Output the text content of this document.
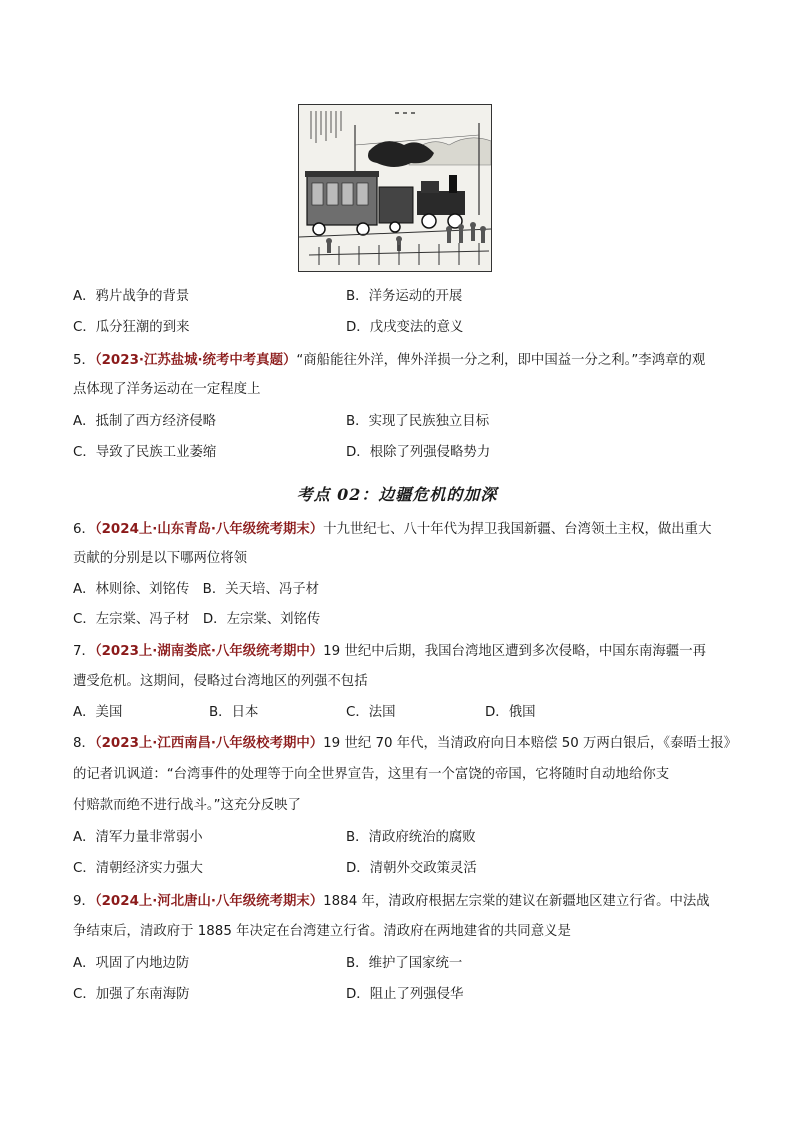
A．鸦片战争的背景	B．洋务运动的开展
C．瓜分狂潮的到来	D．戊戌变法的意义
5．（2023·江苏盐城·统考中考真题）“商船能往外洋，俾外洋损一分之利，即中国益一分之利。”李鸿章的观
点体现了洋务运动在一定程度上
A．抵制了西方经济侵略	B．实现了民族独立目标
C．导致了民族工业萎缩	D．根除了列强侵略势力
考点 02：边疆危机的加深
6．（2024上·山东青岛·八年级统考期末）十九世纪七、八十年代为捍卫我国新疆、台湾领土主权，做出重大
贡献的分别是以下哪两位将领
A．林则徐、刘铭传　B．关天培、冯子材
C．左宗棠、冯子材　D．左宗棠、刘铭传
7．（2023上·湖南娄底·八年级统考期中）19 世纪中后期，我国台湾地区遭到多次侵略，中国东南海疆一再
遭受危机。这期间，侵略过台湾地区的列强不包括
A．美国	B．日本	C．法国	D．俄国
8．（2023上·江西南昌·八年级校考期中）19 世纪 70 年代，当清政府向日本赔偿 50 万两白银后，《泰晤士报》
的记者讥讽道：“台湾事件的处理等于向全世界宣告，这里有一个富饶的帝国，它将随时自动地给你支
付赔款而绝不进行战斗。”这充分反映了
A．清军力量非常弱小	B．清政府统治的腐败
C．清朝经济实力强大	D．清朝外交政策灵活
9．（2024上·河北唐山·八年级统考期末）1884 年，清政府根据左宗棠的建议在新疆地区建立行省。中法战
争结束后，清政府于 1885 年决定在台湾建立行省。清政府在两地建省的共同意义是
A．巩固了内地边防	B．维护了国家统一
C．加强了东南海防	D．阻止了列强侵华
